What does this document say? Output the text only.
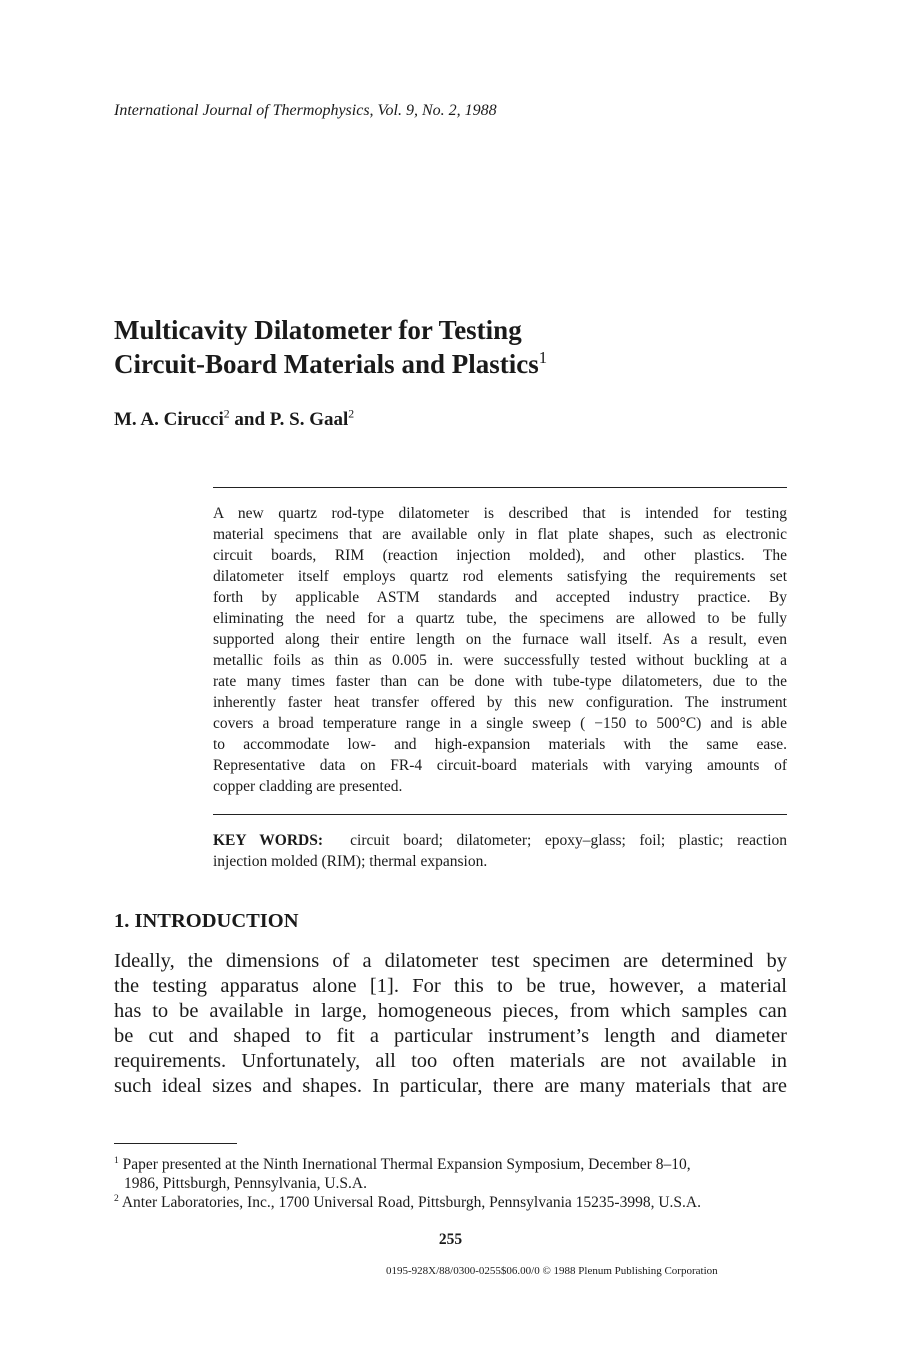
International Journal of Thermophysics, Vol. 9, No. 2, 1988
Multicavity Dilatometer for Testing
Circuit-Board Materials and Plastics$^1$
M. A. Cirucci$^2$ and P. S. Gaal$^2$
A new quartz rod-type dilatometer is described that is intended for testing
material specimens that are available only in flat plate shapes, such as electronic
circuit boards, RIM (reaction injection molded), and other plastics. The
dilatometer itself employs quartz rod elements satisfying the requirements set
forth by applicable ASTM standards and accepted industry practice. By
eliminating the need for a quartz tube, the specimens are allowed to be fully
supported along their entire length on the furnace wall itself. As a result, even
metallic foils as thin as 0.005 in. were successfully tested without buckling at a
rate many times faster than can be done with tube-type dilatometers, due to the
inherently faster heat transfer offered by this new configuration. The instrument
covers a broad temperature range in a single sweep ( −150 to 500°C) and is able
to accommodate low- and high-expansion materials with the same ease.
Representative data on FR-4 circuit-board materials with varying amounts of
copper cladding are presented.
KEY WORDS: circuit board; dilatometer; epoxy–glass; foil; plastic; reaction
injection molded (RIM); thermal expansion.
1. INTRODUCTION
Ideally, the dimensions of a dilatometer test specimen are determined by
the testing apparatus alone [1]. For this to be true, however, a material
has to be available in large, homogeneous pieces, from which samples can
be cut and shaped to fit a particular instrument’s length and diameter
requirements. Unfortunately, all too often materials are not available in
such ideal sizes and shapes. In particular, there are many materials that are
$^1$ Paper presented at the Ninth Inernational Thermal Expansion Symposium, December 8–10,
1986, Pittsburgh, Pennsylvania, U.S.A.
$^2$ Anter Laboratories, Inc., 1700 Universal Road, Pittsburgh, Pennsylvania 15235-3998, U.S.A.
255
0195-928X/88/0300-0255$06.00/0 © 1988 Plenum Publishing Corporation
